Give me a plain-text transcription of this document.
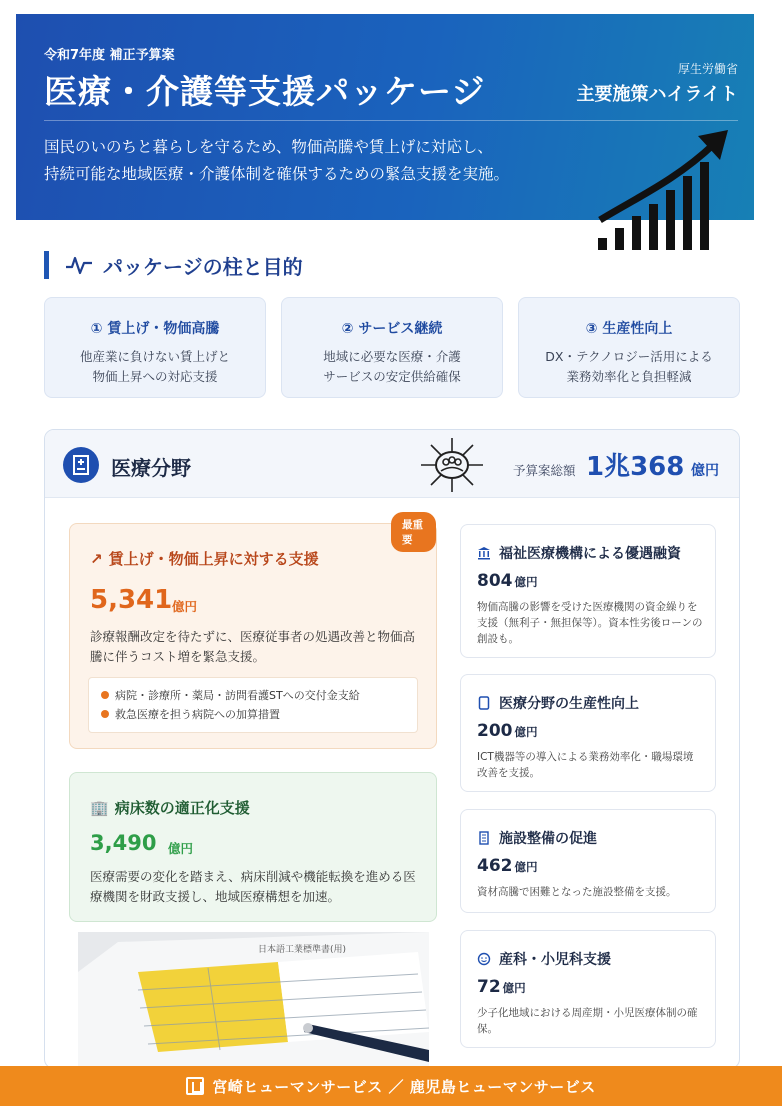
令和7年度 補正予算案
医療・介護等支援パッケージ
厚生労働省
主要施策ハイライト
国民のいのちと暮らしを守るため、物価高騰や賃上げに対応し、
持続可能な地域医療・介護体制を確保するための緊急支援を実施。
パッケージの柱と目的
① 賃上げ・物価高騰
他産業に負けない賃上げと
物価上昇への対応支援
② サービス継続
地域に必要な医療・介護
サービスの安定供給確保
③ 生産性向上
DX・テクノロジー活用による
業務効率化と負担軽減
医療分野	予算案総額 1兆368 億円
最重要
↗ 賃上げ・物価上昇に対する支援
5,341 億円
診療報酬改定を待たずに、医療従事者の処遇改善と物価高騰に伴うコスト増を緊急支援。
病院・診療所・薬局・訪問看護STへの交付金支給
救急医療を担う病院への加算措置
🏢 病床数の適正化支援
3,490 億円
医療需要の変化を踏まえ、病床削減や機能転換を進める医療機関を財政支援し、地域医療構想を加速。
日本語工業標準書(用)
福祉医療機構による優遇融資
804 億円
物価高騰の影響を受けた医療機関の資金繰りを支援（無利子・無担保等）。資本性劣後ローンの創設も。
医療分野の生産性向上
200 億円
ICT機器等の導入による業務効率化・職場環境改善を支援。
施設整備の促進
462 億円
資材高騰で困難となった施設整備を支援。
産科・小児科支援
72 億円
少子化地域における周産期・小児医療体制の確保。
宮崎ヒューマンサービス ／ 鹿児島ヒューマンサービス
